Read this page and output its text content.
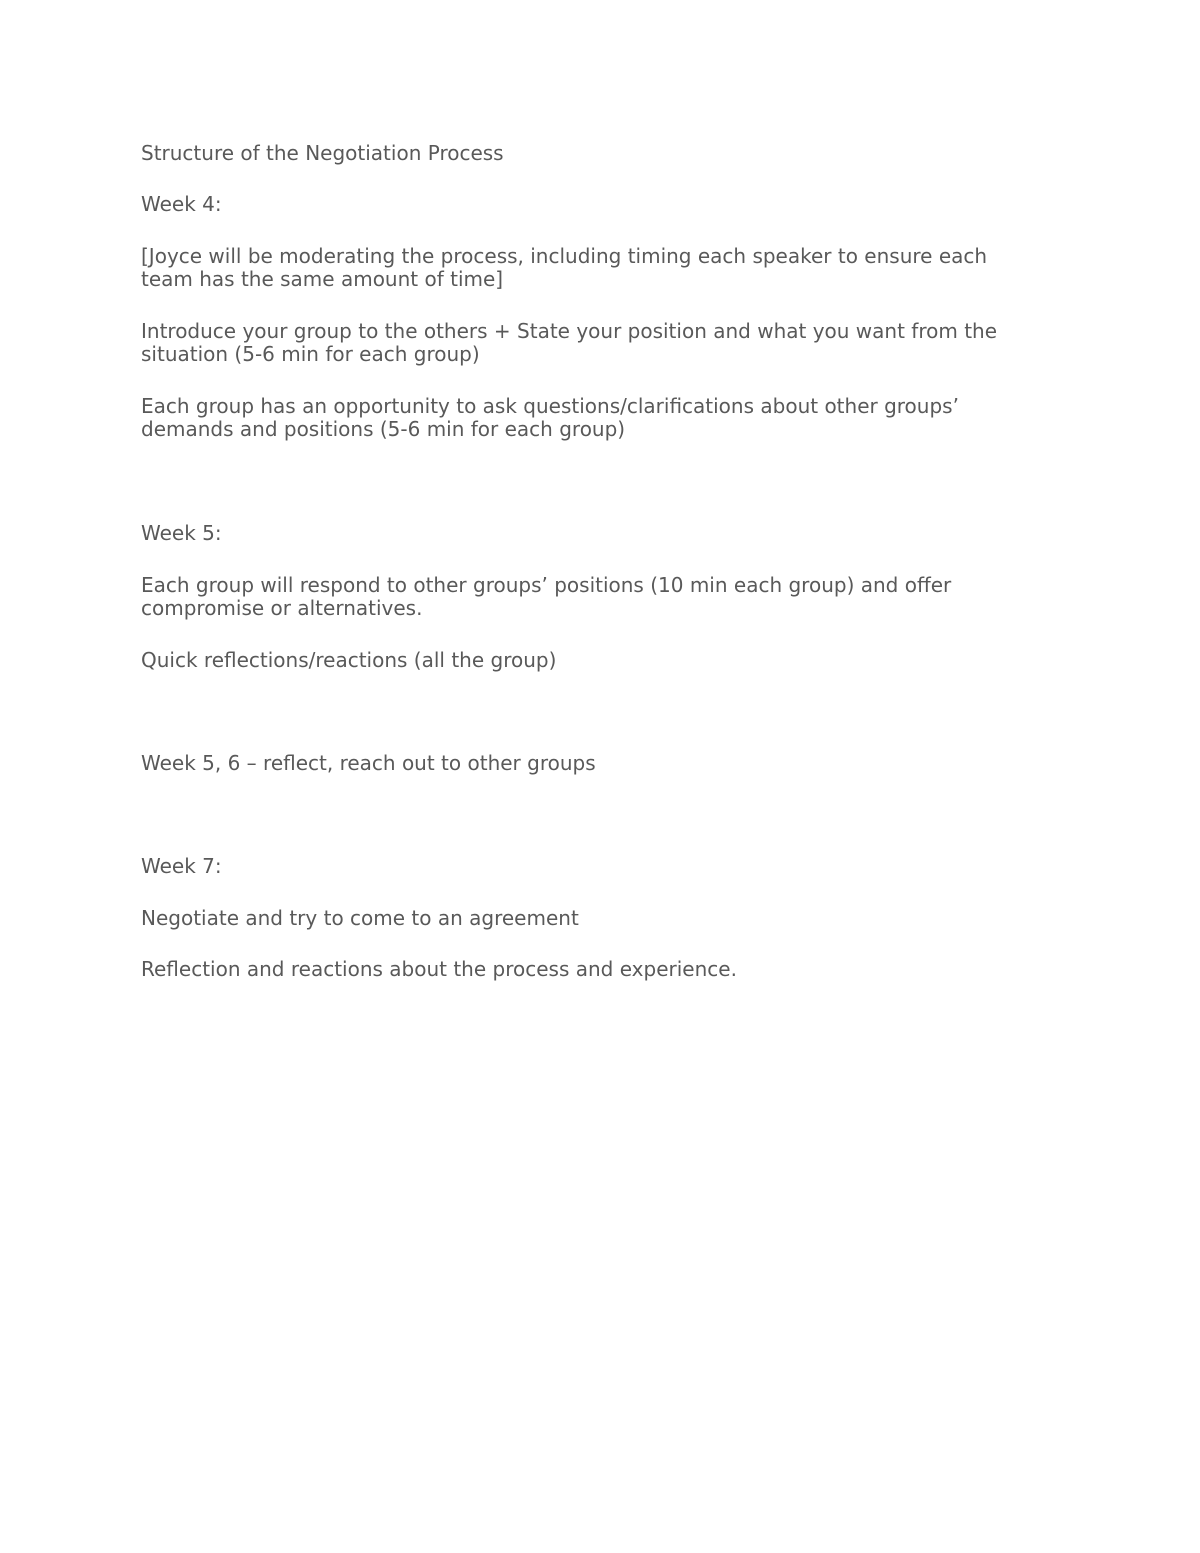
Structure of the Negotiation Process

Week 4:

[Joyce will be moderating the process, including timing each speaker to ensure each team has the same amount of time]

Introduce your group to the others + State your position and what you want from the situation (5-6 min for each group)

Each group has an opportunity to ask questions/clarifications about other groups’ demands and positions (5-6 min for each group)

Week 5:

Each group will respond to other groups’ positions (10 min each group) and offer compromise or alternatives.

Quick reflections/reactions (all the group)

Week 5, 6 – reflect, reach out to other groups

Week 7:

Negotiate and try to come to an agreement

Reflection and reactions about the process and experience.
